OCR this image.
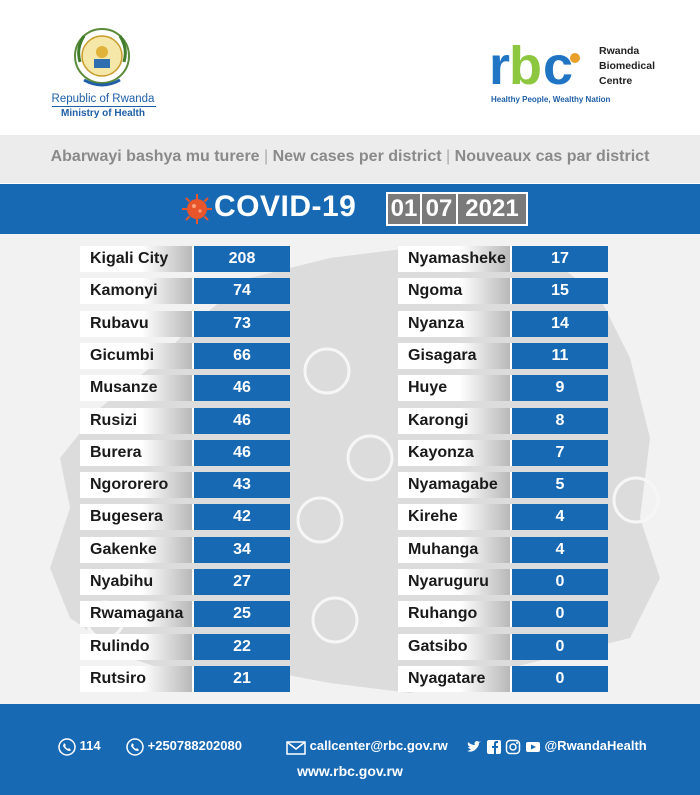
Republic of Rwanda
Ministry of Health
r b c	Rwanda
Biomedical
Centre
Healthy People, Wealthy Nation
Abarwayi bashya mu turere | New cases per district | Nouveaux cas par district
COVID-19 01 07 2021
Kigali City	208
Kamonyi	74
Rubavu	73
Gicumbi	66
Musanze	46
Rusizi	46
Burera	46
Ngororero	43
Bugesera	42
Gakenke	34
Nyabihu	27
Rwamagana	25
Rulindo	22
Rutsiro	21
Nyamasheke	17
Ngoma	15
Nyanza	14
Gisagara	11
Huye	9
Karongi	8
Kayonza	7
Nyamagabe	5
Kirehe	4
Muhanga	4
Nyaruguru	0
Ruhango	0
Gatsibo	0
Nyagatare	0
114	+250788202080	callcenter@rbc.gov.rw	@RwandaHealth
www.rbc.gov.rw
